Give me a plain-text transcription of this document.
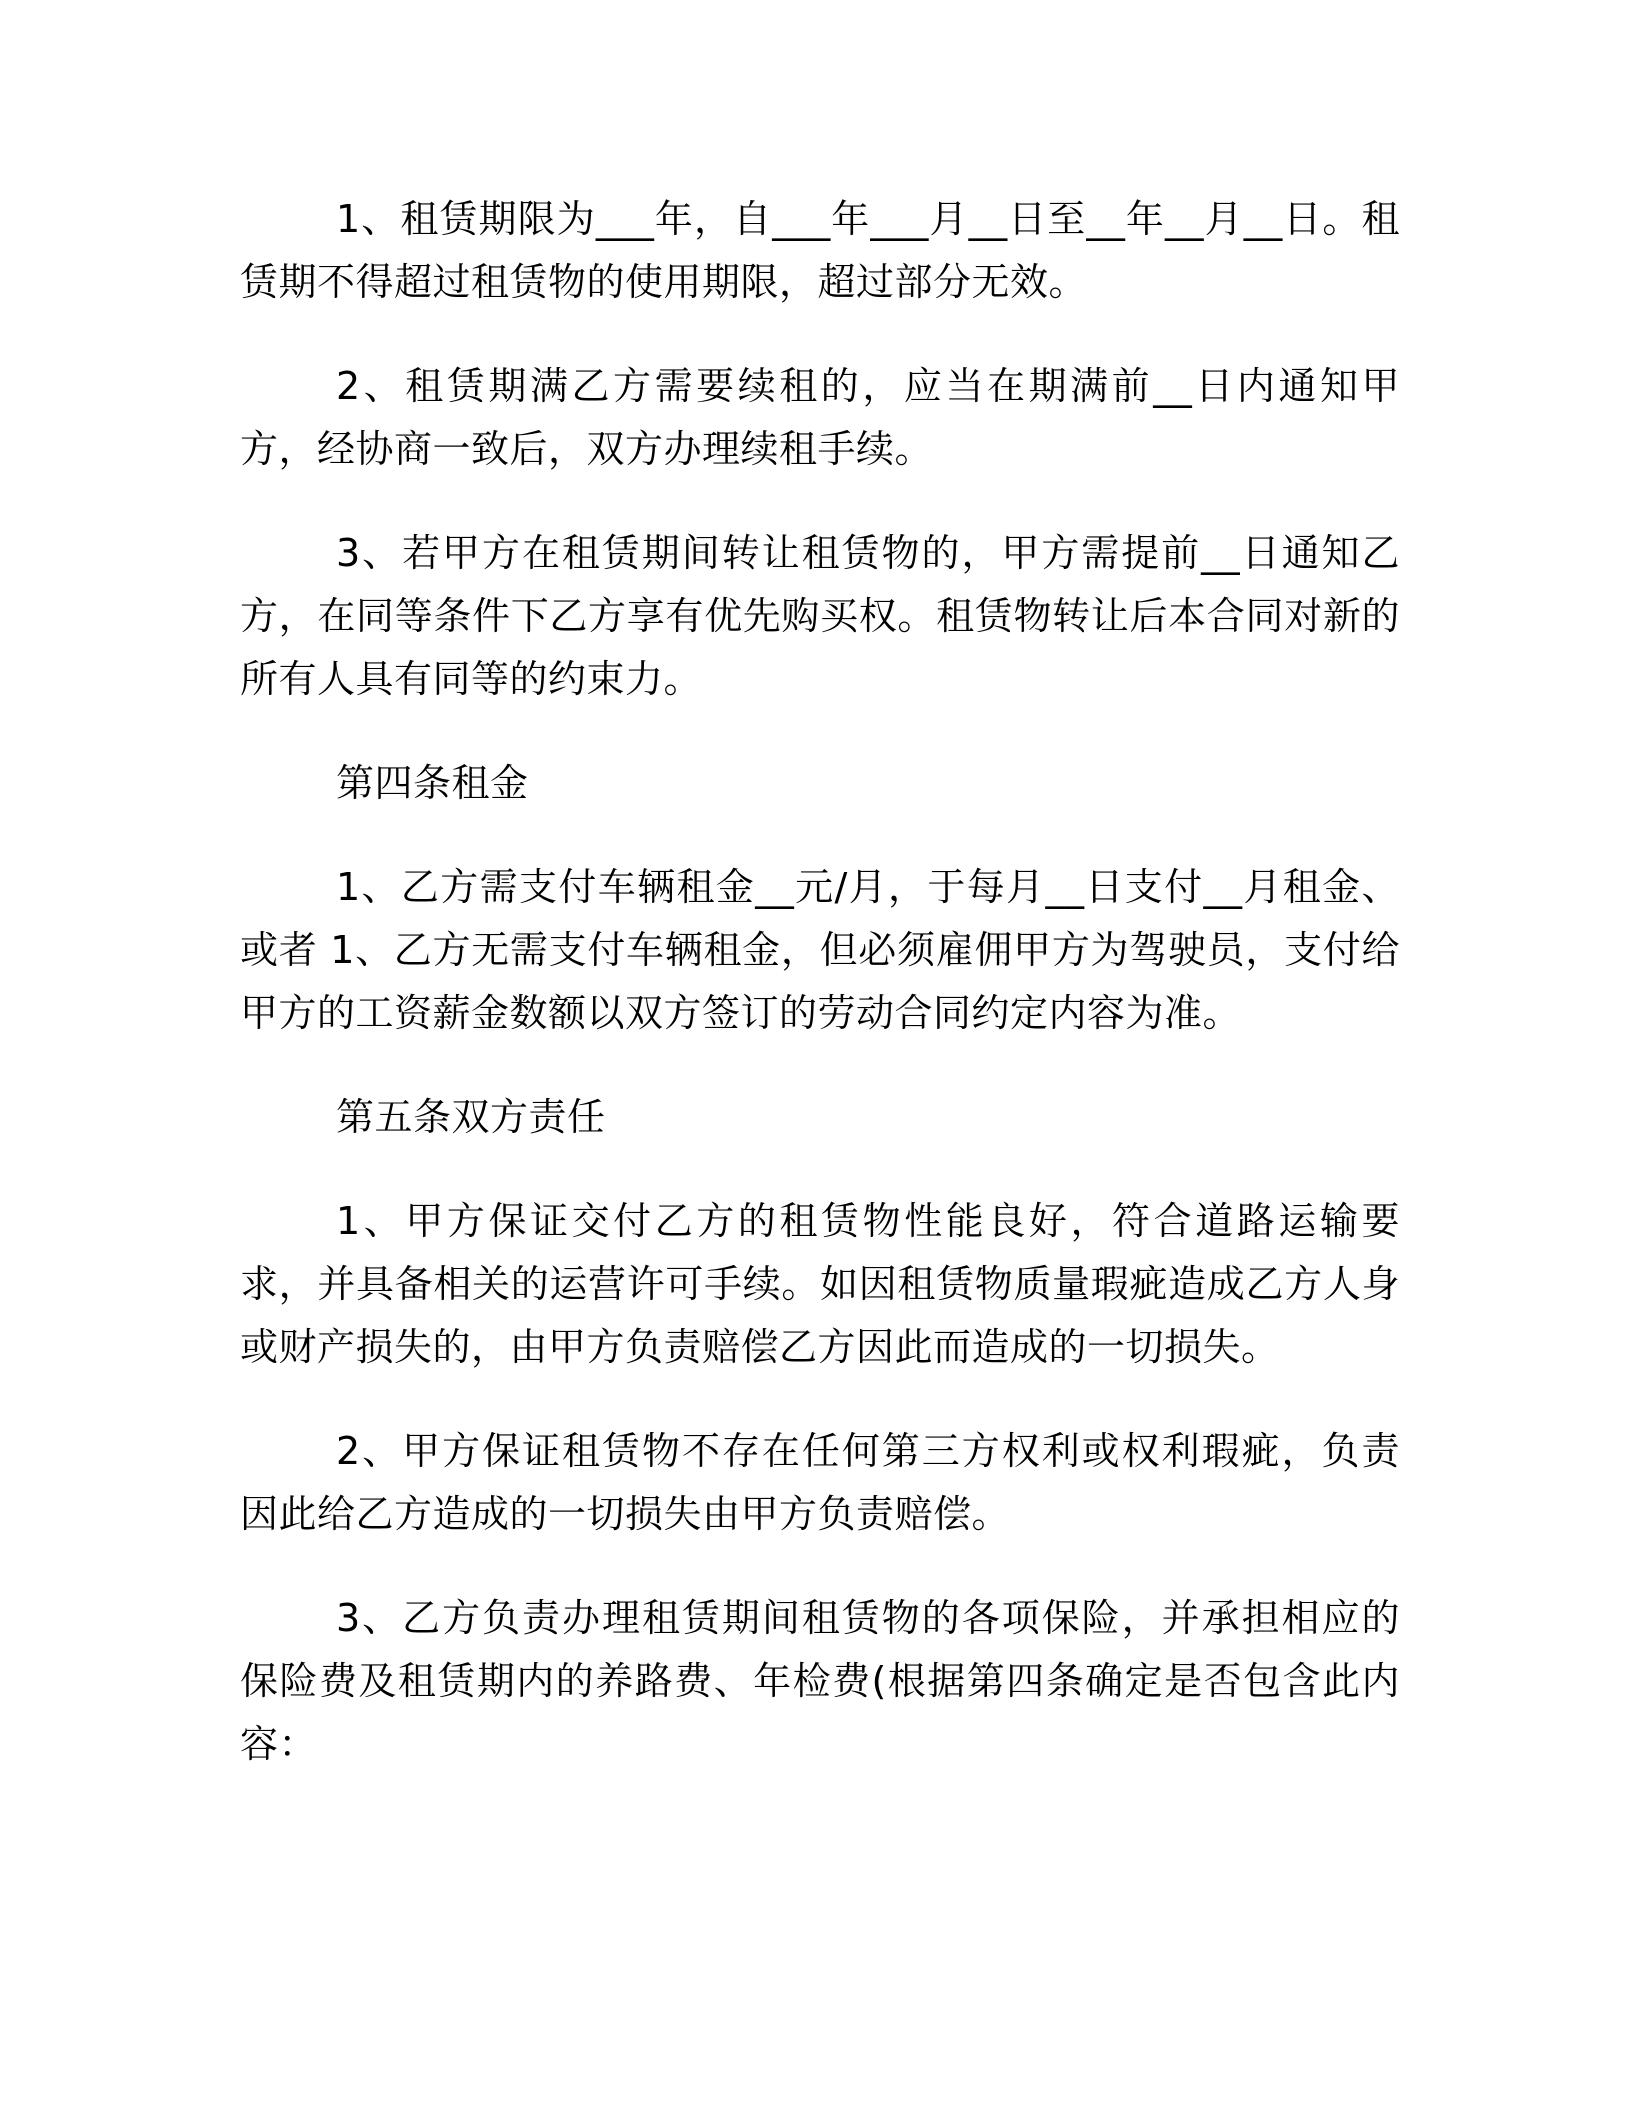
1、租赁期限为___年，自___年___月__日至__年__月__日。租赁期不得超过租赁物的使用期限，超过部分无效。

2、租赁期满乙方需要续租的，应当在期满前__日内通知甲方，经协商一致后，双方办理续租手续。

3、若甲方在租赁期间转让租赁物的，甲方需提前__日通知乙方，在同等条件下乙方享有优先购买权。租赁物转让后本合同对新的所有人具有同等的约束力。

第四条租金

1、乙方需支付车辆租金__元/月，于每月__日支付__月租金、或者 1、乙方无需支付车辆租金，但必须雇佣甲方为驾驶员，支付给甲方的工资薪金数额以双方签订的劳动合同约定内容为准。

第五条双方责任

1、甲方保证交付乙方的租赁物性能良好，符合道路运输要求，并具备相关的运营许可手续。如因租赁物质量瑕疵造成乙方人身或财产损失的，由甲方负责赔偿乙方因此而造成的一切损失。

2、甲方保证租赁物不存在任何第三方权利或权利瑕疵，负责因此给乙方造成的一切损失由甲方负责赔偿。

3、乙方负责办理租赁期间租赁物的各项保险，并承担相应的保险费及租赁期内的养路费、年检费(根据第四条确定是否包含此内容：
